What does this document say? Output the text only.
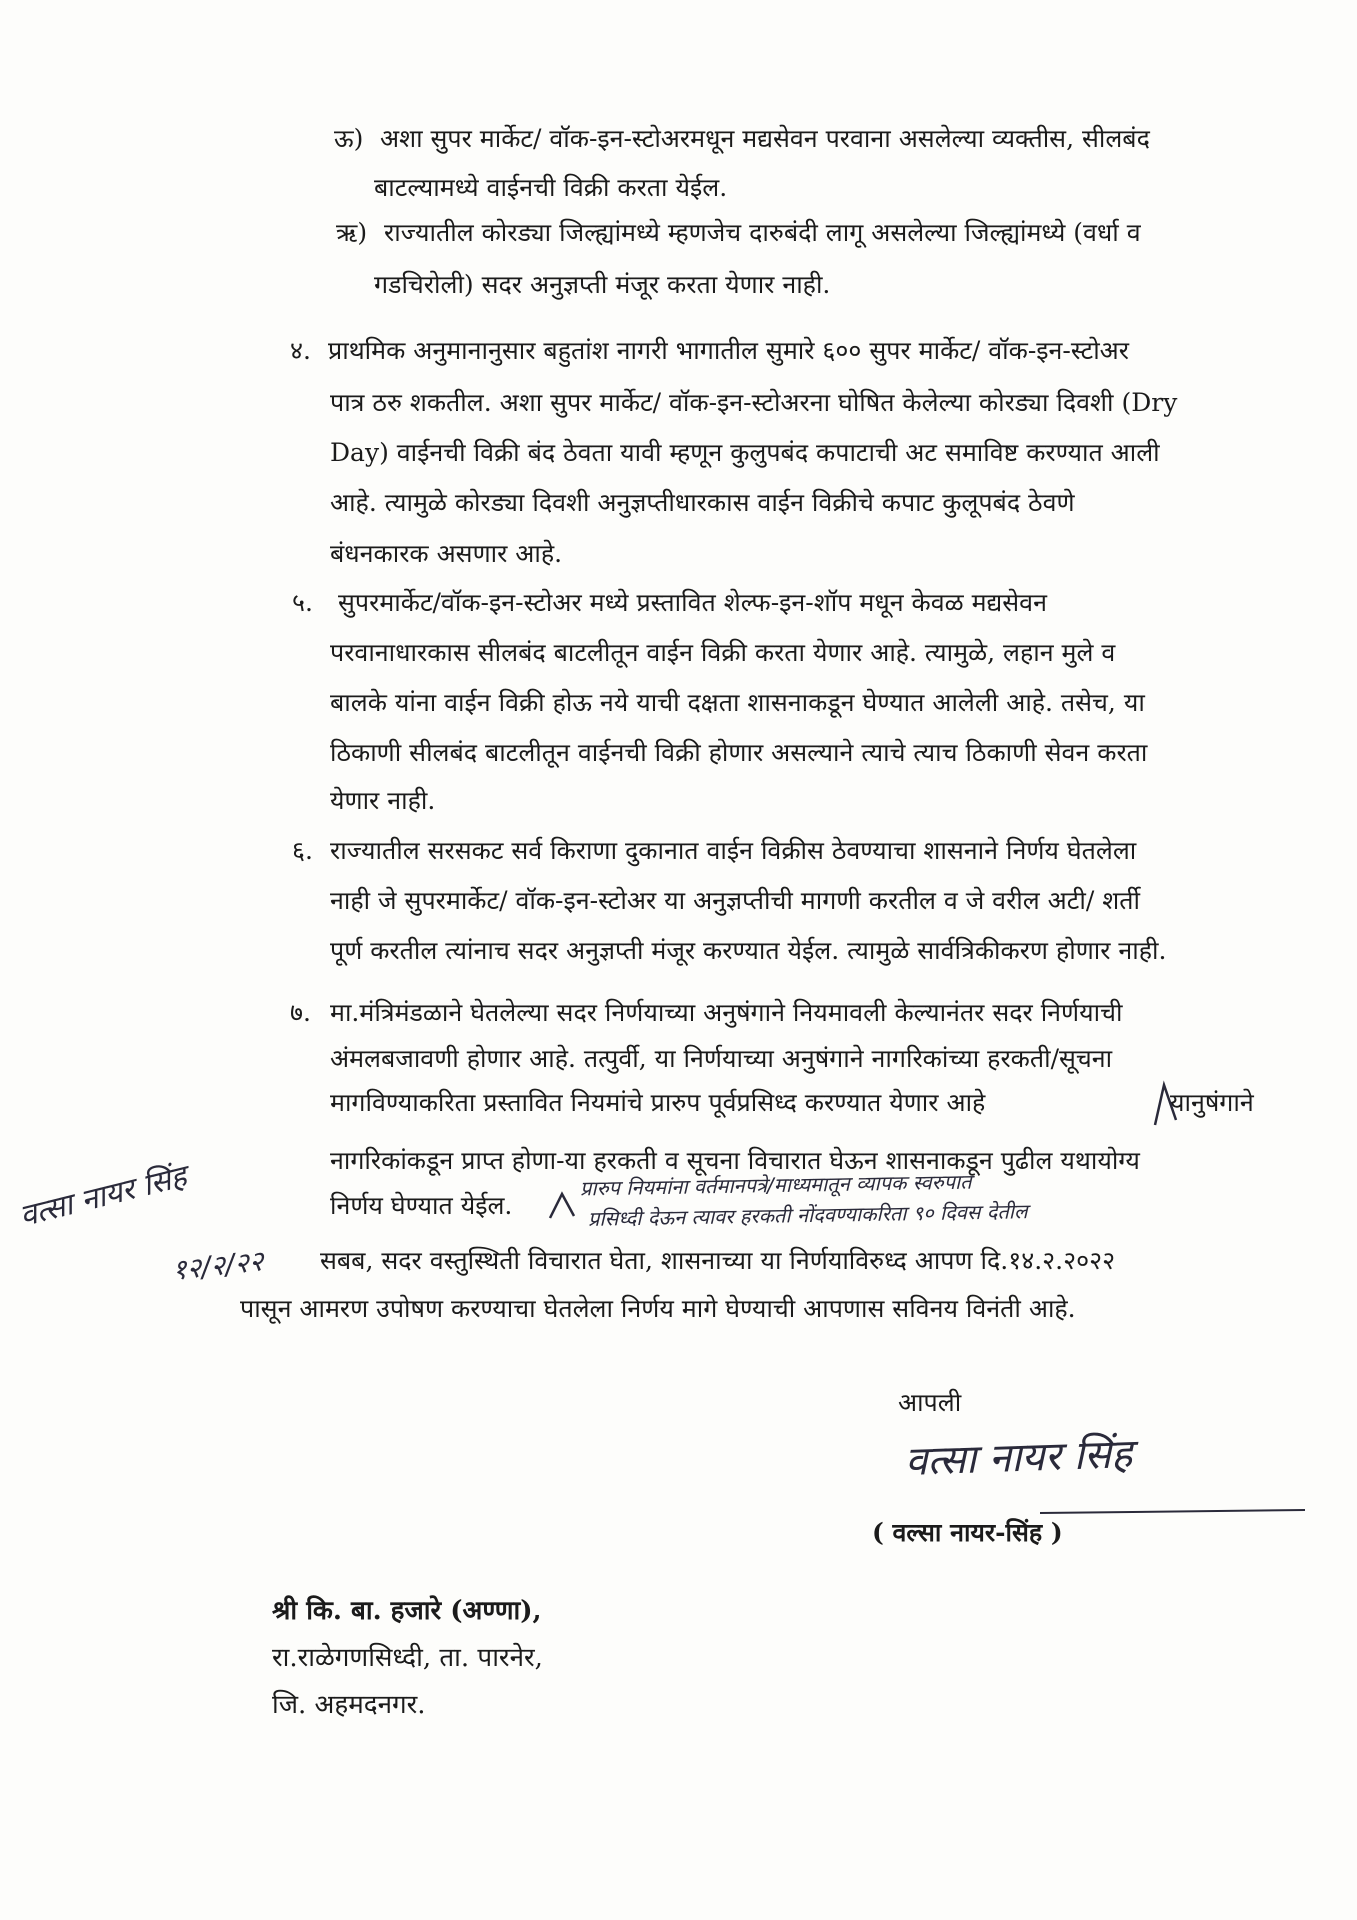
ऊ) अशा सुपर मार्केट/ वॉक-इन-स्टोअरमधून मद्यसेवन परवाना असलेल्या व्यक्तीस, सीलबंद
बाटल्यामध्ये वाईनची विक्री करता येईल.
ऋ) राज्यातील कोरड्या जिल्ह्यांमध्ये म्हणजेच दारुबंदी लागू असलेल्या जिल्ह्यांमध्ये (वर्धा व
गडचिरोली) सदर अनुज्ञप्ती मंजूर करता येणार नाही.
४. प्राथमिक अनुमानानुसार बहुतांश नागरी भागातील सुमारे ६०० सुपर मार्केट/ वॉक-इन-स्टोअर
पात्र ठरु शकतील. अशा सुपर मार्केट/ वॉक-इन-स्टोअरना घोषित केलेल्या कोरड्या दिवशी (Dry
Day) वाईनची विक्री बंद ठेवता यावी म्हणून कुलुपबंद कपाटाची अट समाविष्ट करण्यात आली
आहे. त्यामुळे कोरड्या दिवशी अनुज्ञप्तीधारकास वाईन विक्रीचे कपाट कुलूपबंद ठेवणे
बंधनकारक असणार आहे.
५. सुपरमार्केट/वॉक-इन-स्टोअर मध्ये प्रस्तावित शेल्फ-इन-शॉप मधून केवळ मद्यसेवन
परवानाधारकास सीलबंद बाटलीतून वाईन विक्री करता येणार आहे. त्यामुळे, लहान मुले व
बालके यांना वाईन विक्री होऊ नये याची दक्षता शासनाकडून घेण्यात आलेली आहे. तसेच, या
ठिकाणी सीलबंद बाटलीतून वाईनची विक्री होणार असल्याने त्याचे त्याच ठिकाणी सेवन करता
येणार नाही.
६. राज्यातील सरसकट सर्व किराणा दुकानात वाईन विक्रीस ठेवण्याचा शासनाने निर्णय घेतलेला
नाही जे सुपरमार्केट/ वॉक-इन-स्टोअर या अनुज्ञप्तीची मागणी करतील व जे वरील अटी/ शर्ती
पूर्ण करतील त्यांनाच सदर अनुज्ञप्ती मंजूर करण्यात येईल. त्यामुळे सार्वत्रिकीकरण होणार नाही.
७. मा.मंत्रिमंडळाने घेतलेल्या सदर निर्णयाच्या अनुषंगाने नियमावली केल्यानंतर सदर निर्णयाची
अंमलबजावणी होणार आहे. तत्पुर्वी, या निर्णयाच्या अनुषंगाने नागरिकांच्या हरकती/सूचना
मागविण्याकरिता प्रस्तावित नियमांचे प्रारुप पूर्वप्रसिध्द करण्यात येणार आहे	यानुषंगाने
नागरिकांकडून प्राप्त होणा-या हरकती व सूचना विचारात घेऊन शासनाकडून पुढील यथायोग्य
निर्णय घेण्यात येईल.
प्रारुप नियमांना वर्तमानपत्रे/माध्यमातून व्यापक स्वरुपात
प्रसिध्दी देऊन त्यावर हरकती नोंदवण्याकरिता ९० दिवस देतील
वत्सा नायर सिंह
१२/२/२२ सबब, सदर वस्तुस्थिती विचारात घेता, शासनाच्या या निर्णयाविरुध्द आपण दि.१४.२.२०२२
पासून आमरण उपोषण करण्याचा घेतलेला निर्णय मागे घेण्याची आपणास सविनय विनंती आहे.
आपली
वत्सा नायर सिंह
( वल्सा नायर-सिंह )
श्री कि. बा. हजारे (अण्णा),
रा.राळेगणसिध्दी, ता. पारनेर,
जि. अहमदनगर.
